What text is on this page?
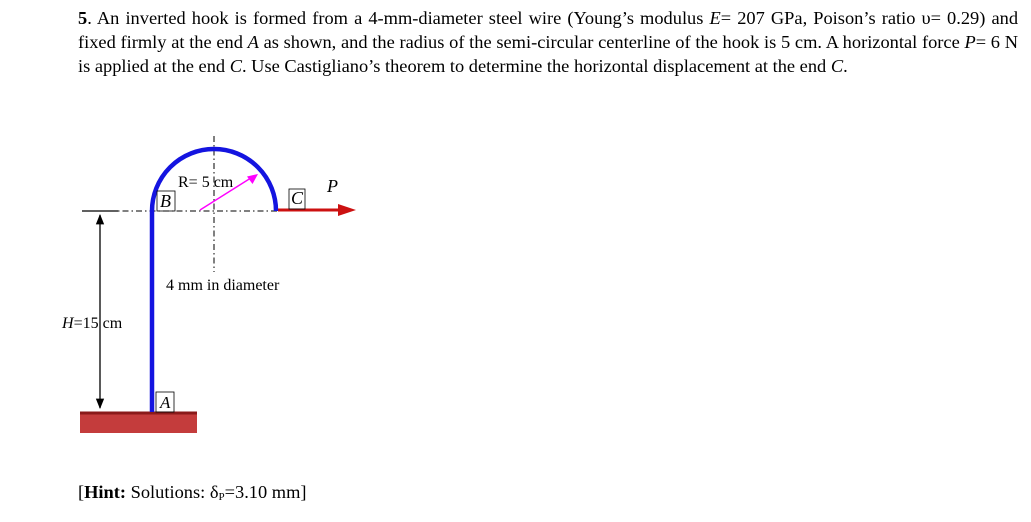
5. An inverted hook is formed from a 4-mm-diameter steel wire (Young’s modulus E= 207 GPa, Poison’s ratio υ= 0.29) and fixed firmly at the end A as shown, and the radius of the semi-circular centerline of the hook is 5 cm. A horizontal force P= 6 N is applied at the end C. Use Castigliano’s theorem to determine the horizontal displacement at the end C.

B	C
P
A
R= 5 cm
4 mm in diameter
H=15 cm

[Hint: Solutions: $\delta_P=3.10$ mm]
